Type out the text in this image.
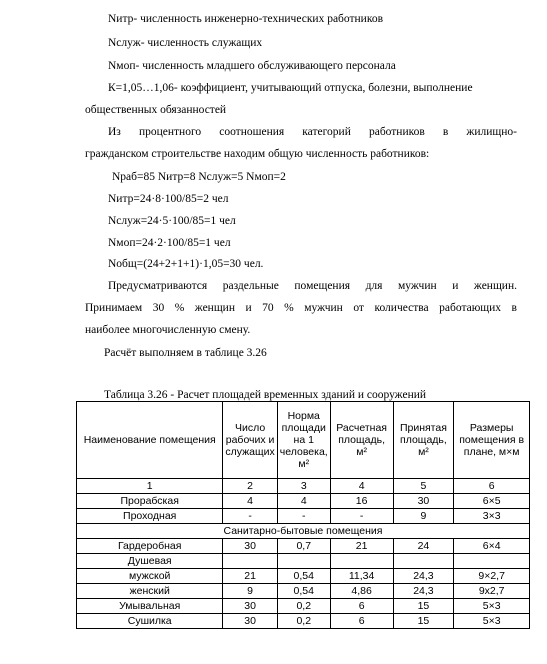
Nитр- численность инженерно-технических работников
Nслуж- численность служащих
Nмоп- численность младшего обслуживающего персонала
К=1,05…1,06- коэффициент, учитывающий отпуска, болезни, выполнение
общественных обязанностей
Из процентного соотношения категорий работников в жилищно-
гражданском строительстве находим общую численность работников:
Nраб=85 Nитр=8 Nслуж=5 Nмоп=2
Nитр=24·8·100/85=2 чел
Nслуж=24·5·100/85=1 чел
Nмоп=24·2·100/85=1 чел
Nобщ=(24+2+1+1)·1,05=30 чел.
Предусматриваются раздельные помещения для мужчин и женщин.
Принимаем 30 % женщин и 70 % мужчин от количества работающих в
наиболее многочисленную смену.
Расчёт выполняем в таблице 3.26
Таблица 3.26 - Расчет площадей временных зданий и сооружений
Наименование помещения	Число рабочих и служащих	Норма площади на 1 человека, м²	Расчетная площадь, м²	Принятая площадь, м²	Размеры помещения в плане, м×м
1	2	3	4	5	6
Прорабская	4	4	16	30	6×5
Проходная	-	-	-	9	3×3
Санитарно-бытовые помещения					
Гардеробная	30	0,7	21	24	6×4
Душевая					
мужской	21	0,54	11,34	24,3	9×2,7
женский	9	0,54	4,86	24,3	9х2,7
Умывальная	30	0,2	6	15	5×3
Сушилка	30	0,2	6	15	5×3
